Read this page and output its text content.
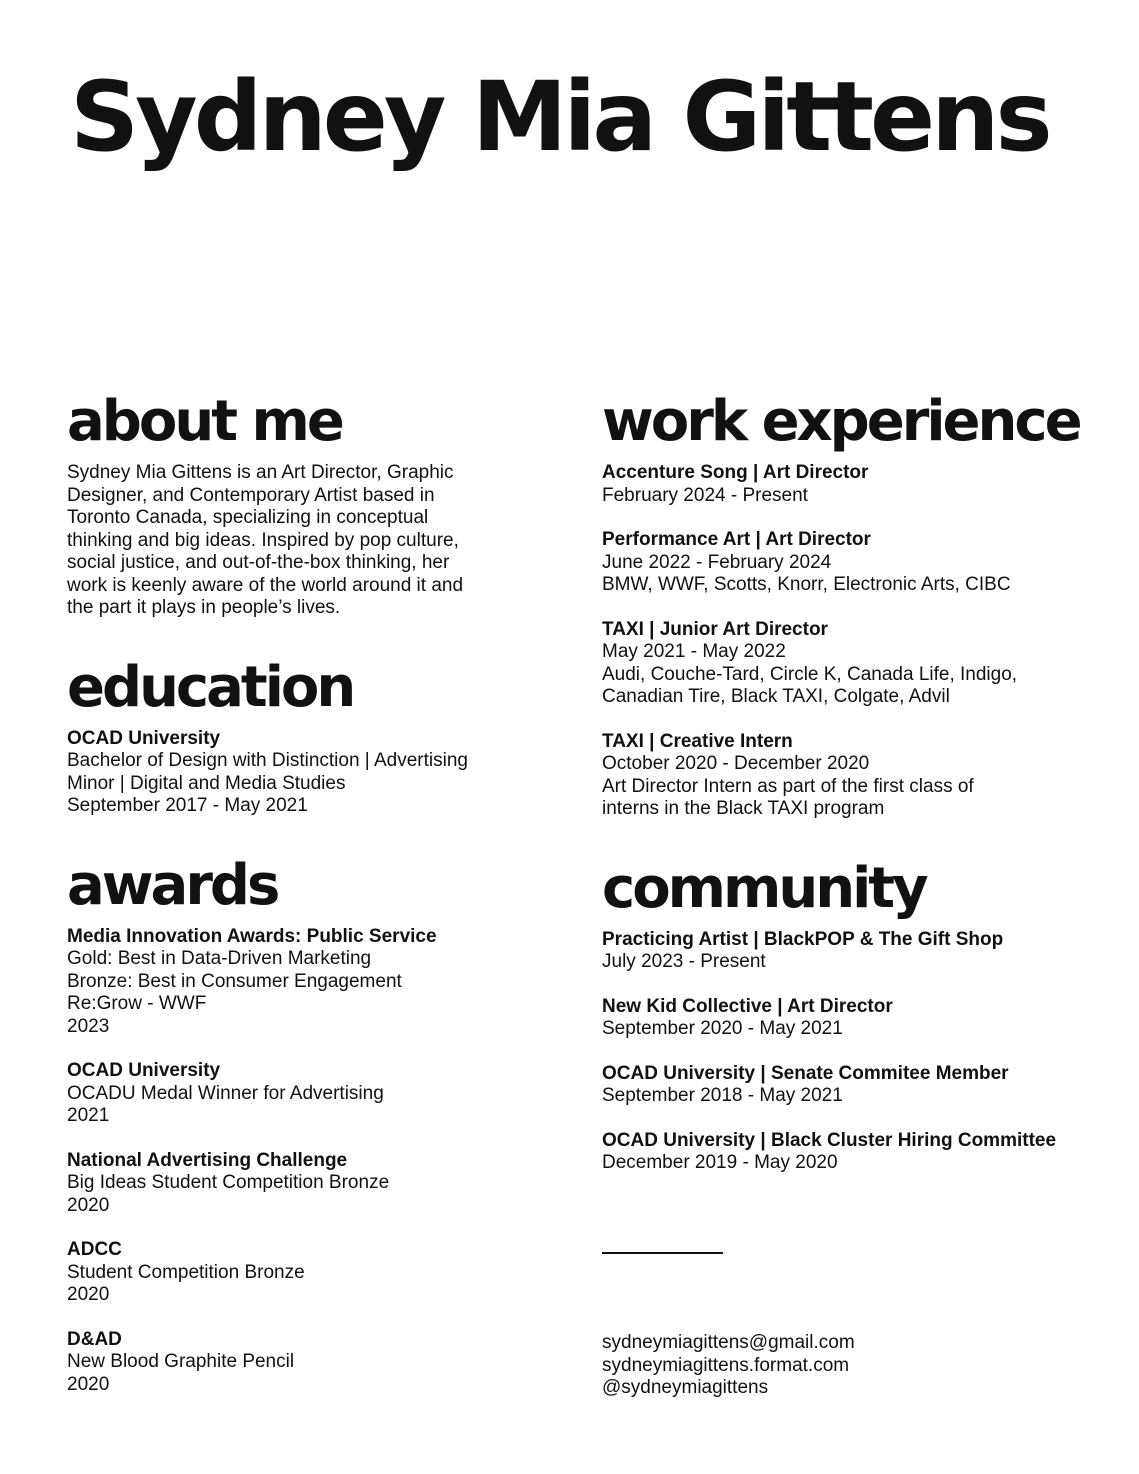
Sydney Mia Gittens
about me

Sydney Mia Gittens is an Art Director, Graphic
Designer, and Contemporary Artist based in
Toronto Canada, specializing in conceptual
thinking and big ideas. Inspired by pop culture,
social justice, and out-of-the-box thinking, her
work is keenly aware of the world around it and
the part it plays in people’s lives.

education
OCAD University
Bachelor of Design with Distinction | Advertising
Minor | Digital and Media Studies
September 2017 - May 2021
awards
Media Innovation Awards: Public Service
Gold: Best in Data-Driven Marketing
Bronze: Best in Consumer Engagement
Re:Grow - WWF
2023
OCAD University
OCADU Medal Winner for Advertising
2021
National Advertising Challenge
Big Ideas Student Competition Bronze
2020
ADCC
Student Competition Bronze
2020
D&AD
New Blood Graphite Pencil
2020
work experience
Accenture Song | Art Director
February 2024 - Present
Performance Art | Art Director
June 2022 - February 2024
BMW, WWF, Scotts, Knorr, Electronic Arts, CIBC
TAXI | Junior Art Director
May 2021 - May 2022
Audi, Couche-Tard, Circle K, Canada Life, Indigo,
Canadian Tire, Black TAXI, Colgate, Advil
TAXI | Creative Intern
October 2020 - December 2020
Art Director Intern as part of the first class of
interns in the Black TAXI program
community
Practicing Artist | BlackPOP & The Gift Shop
July 2023 - Present
New Kid Collective | Art Director
September 2020 - May 2021
OCAD University | Senate Commitee Member
September 2018 - May 2021
OCAD University | Black Cluster Hiring Committee
December 2019 - May 2020
sydneymiagittens@gmail.com
sydneymiagittens.format.com
@sydneymiagittens
